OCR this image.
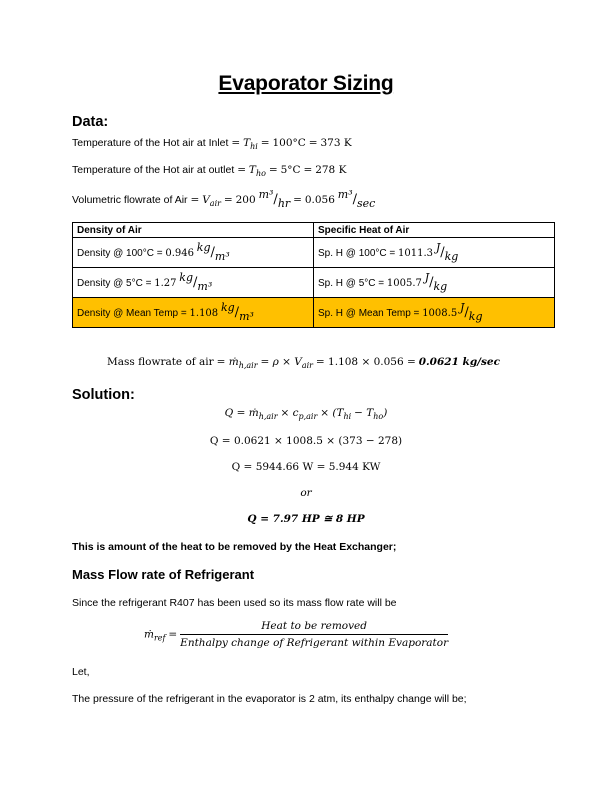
Evaporator Sizing
Data:
Temperature of the Hot air at Inlet = $T_{hi} = 100^\circ C = 373$ K
Temperature of the Hot air at outlet = $T_{ho} = 5^\circ C = 278$ K
Volumetric flowrate of Air = $V_{air} = 200$ m³/hr = 0.056 m³/sec
Density of Air	Specific Heat of Air
Density @ 100°C = 0.946 kg/m³	Sp. H @ 100°C = 1011.3 J/kg
Density @ 5°C = 1.27 kg/m³	Sp. H @ 5°C = 1005.7 J/kg
Density @ Mean Temp = 1.108 kg/m³	Sp. H @ Mean Temp = 1008.5 J/kg
Mass flowrate of air = ṁ$_{h,air}$ = $\rho \times V_{air} = 1.108 \times 0.056 = 0.0621$ kg/sec
Solution:
Q = ṁ$_{h,air}$ × $c_{p,air} \times (T_{hi} - T_{ho})$
Q = 0.0621 × 1008.5 × (373 − 278)
Q = 5944.66 W = 5.944 KW
or
Q = 7.97 HP ≅ 8 HP
This is amount of the heat to be removed by the Heat Exchanger;
Mass Flow rate of Refrigerant
Since the refrigerant R407 has been used so its mass flow rate will be
ṁ$_{ref}$ =
Heat to be removed
Enthalpy change of Refrigerant within Evaporator
Let,
The pressure of the refrigerant in the evaporator is 2 atm, its enthalpy change will be;
